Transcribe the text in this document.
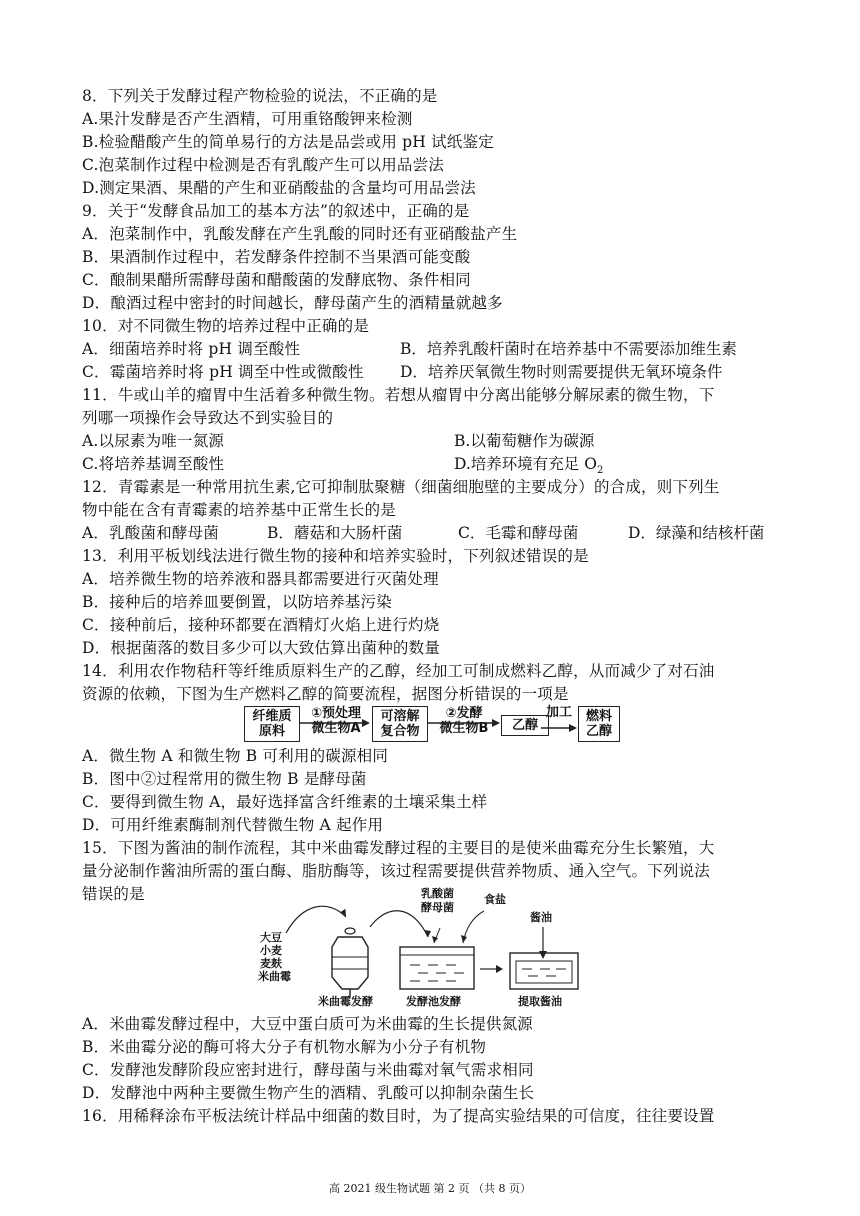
8．下列关于发酵过程产物检验的说法，不正确的是
A.果汁发酵是否产生酒精，可用重铬酸钾来检测
B.检验醋酸产生的简单易行的方法是品尝或用 pH 试纸鉴定
C.泡菜制作过程中检测是否有乳酸产生可以用品尝法
D.测定果酒、果醋的产生和亚硝酸盐的含量均可用品尝法
9．关于“发酵食品加工的基本方法”的叙述中，正确的是
A．泡菜制作中，乳酸发酵在产生乳酸的同时还有亚硝酸盐产生
B．果酒制作过程中，若发酵条件控制不当果酒可能变酸
C．酿制果醋所需酵母菌和醋酸菌的发酵底物、条件相同
D．酿酒过程中密封的时间越长，酵母菌产生的酒精量就越多
10．对不同微生物的培养过程中正确的是
A．细菌培养时将 pH 调至酸性	B．培养乳酸杆菌时在培养基中不需要添加维生素
C．霉菌培养时将 pH 调至中性或微酸性 D．培养厌氧微生物时则需要提供无氧环境条件
11．牛或山羊的瘤胃中生活着多种微生物。若想从瘤胃中分离出能够分解尿素的微生物，下
列哪一项操作会导致达不到实验目的
A.以尿素为唯一氮源	B.以葡萄糖作为碳源
C.将培养基调至酸性	D.培养环境有充足 $O_2$
12．青霉素是一种常用抗生素,它可抑制肽聚糖（细菌细胞壁的主要成分）的合成，则下列生
物中能在含有青霉素的培养基中正常生长的是
A．乳酸菌和酵母菌	B．蘑菇和大肠杆菌	C．毛霉和酵母菌	D．绿藻和结核杆菌
13．利用平板划线法进行微生物的接种和培养实验时，下列叙述错误的是
A．培养微生物的培养液和器具都需要进行灭菌处理
B．接种后的培养皿要倒置，以防培养基污染
C．接种前后，接种环都要在酒精灯火焰上进行灼烧
D．根据菌落的数目多少可以大致估算出菌种的数量
14．利用农作物秸秆等纤维质原料生产的乙醇，经加工可制成燃料乙醇，从而减少了对石油
资源的依赖，下图为生产燃料乙醇的简要流程，据图分析错误的一项是
纤维质
原料
①预处理
微生物A
可溶解
复合物
②发酵
微生物B	乙醇
加工	燃料
乙醇
A．微生物 A 和微生物 B 可利用的碳源相同
B．图中②过程常用的微生物 B 是酵母菌
C．要得到微生物 A，最好选择富含纤维素的土壤采集土样
D．可用纤维素酶制剂代替微生物 A 起作用
15．下图为酱油的制作流程，其中米曲霉发酵过程的主要目的是使米曲霉充分生长繁殖，大
量分泌制作酱油所需的蛋白酶、脂肪酶等，该过程需要提供营养物质、通入空气。下列说法
错误的是
大豆
小麦
麦麸
米曲霉
乳酸菌
酵母菌
食盐
酱油
米曲霉发酵	发酵池发酵	提取酱油
A．米曲霉发酵过程中，大豆中蛋白质可为米曲霉的生长提供氮源
B．米曲霉分泌的酶可将大分子有机物水解为小分子有机物
C．发酵池发酵阶段应密封进行，酵母菌与米曲霉对氧气需求相同
D．发酵池中两种主要微生物产生的酒精、乳酸可以抑制杂菌生长
16．用稀释涂布平板法统计样品中细菌的数目时，为了提高实验结果的可信度，往往要设置
高 2021 级生物试题 第 2 页 （共 8 页）
